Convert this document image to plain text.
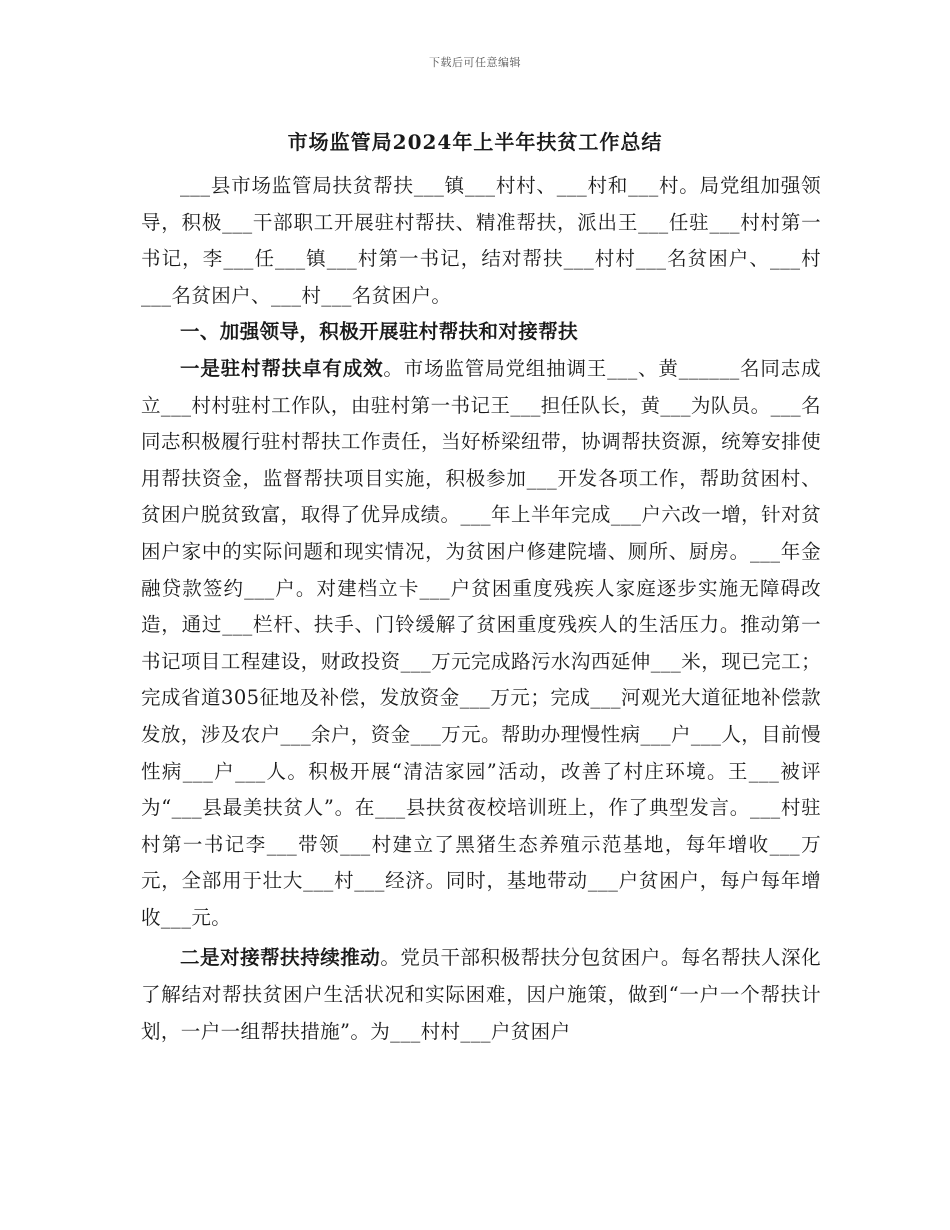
下载后可任意编辑
市场监管局2024年上半年扶贫工作总结

___县市场监管局扶贫帮扶___镇___村村、___村和___村。局党组加强领导，积极___干部职工开展驻村帮扶、精准帮扶，派出王___任驻___村村第一书记，李___任___镇___村第一书记，结对帮扶___村村___名贫困户、___村___名贫困户、___村___名贫困户。

一、加强领导，积极开展驻村帮扶和对接帮扶

一是驻村帮扶卓有成效。市场监管局党组抽调王___、黄______名同志成立___村村驻村工作队，由驻村第一书记王___担任队长，黄___为队员。___名同志积极履行驻村帮扶工作责任，当好桥梁纽带，协调帮扶资源，统筹安排使用帮扶资金，监督帮扶项目实施，积极参加___开发各项工作，帮助贫困村、贫困户脱贫致富，取得了优异成绩。___年上半年完成___户六改一增，针对贫困户家中的实际问题和现实情况，为贫困户修建院墙、厕所、厨房。___年金融贷款签约___户。对建档立卡___户贫困重度残疾人家庭逐步实施无障碍改造，通过___栏杆、扶手、门铃缓解了贫困重度残疾人的生活压力。推动第一书记项目工程建设，财政投资___万元完成路污水沟西延伸___米，现已完工；完成省道305征地及补偿，发放资金___万元；完成___河观光大道征地补偿款发放，涉及农户___余户，资金___万元。帮助办理慢性病___户___人，目前慢性病___户___人。积极开展“清洁家园”活动，改善了村庄环境。王___被评为“___县最美扶贫人”。在___县扶贫夜校培训班上，作了典型发言。___村驻村第一书记李___带领___村建立了黑猪生态养殖示范基地，每年增收___万元，全部用于壮大___村___经济。同时，基地带动___户贫困户，每户每年增收___元。

二是对接帮扶持续推动。党员干部积极帮扶分包贫困户。每名帮扶人深化了解结对帮扶贫困户生活状况和实际困难，因户施策，做到“一户一个帮扶计划，一户一组帮扶措施”。为___村村___户贫困户
